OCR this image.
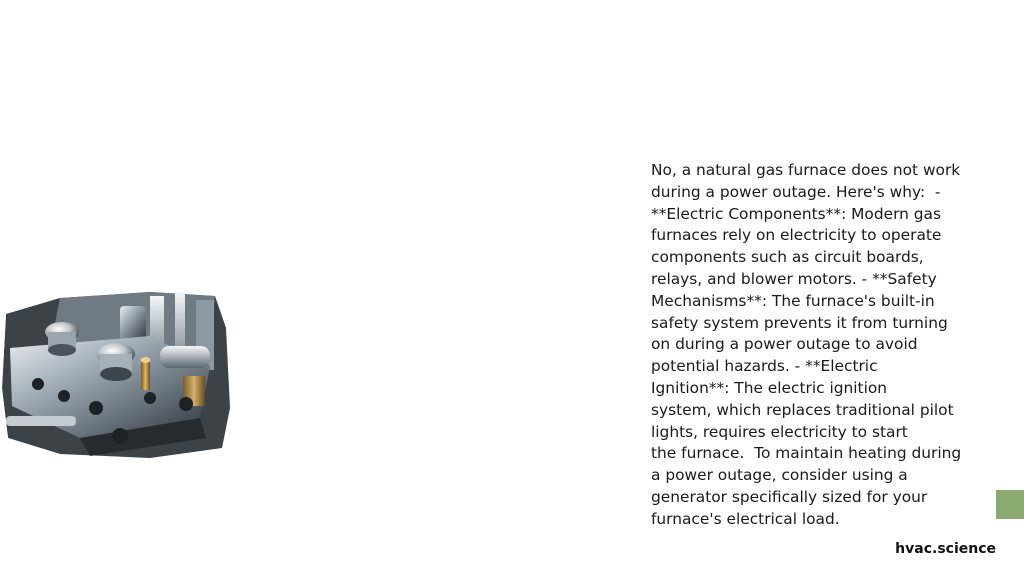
No, a natural gas furnace does not work
during a power outage. Here's why:  -
**Electric Components**: Modern gas
furnaces rely on electricity to operate
components such as circuit boards,
relays, and blower motors. - **Safety
Mechanisms**: The furnace's built-in
safety system prevents it from turning
on during a power outage to avoid
potential hazards. - **Electric
Ignition**: The electric ignition
system, which replaces traditional pilot
lights, requires electricity to start
the furnace.  To maintain heating during
a power outage, consider using a
generator specifically sized for your
furnace's electrical load.

hvac.science
